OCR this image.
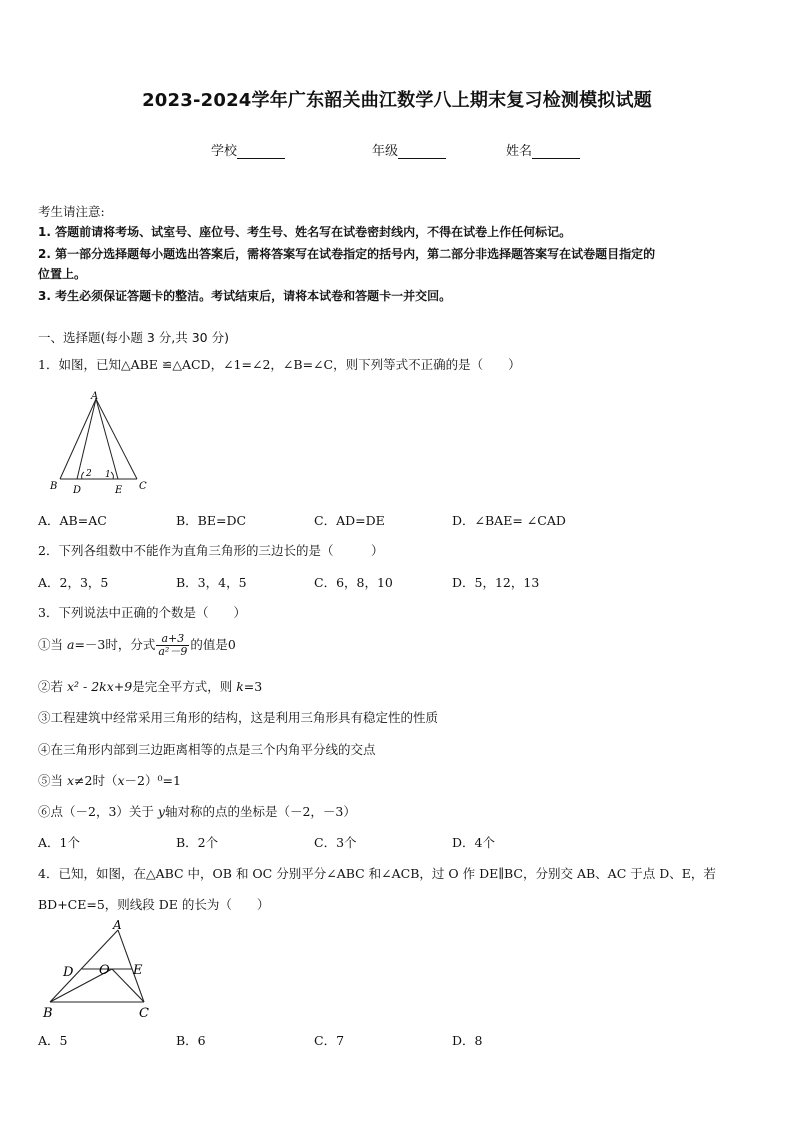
2023-2024学年广东韶关曲江数学八上期末复习检测模拟试题
学校	年级	姓名
考生请注意:
1. 答题前请将考场、试室号、座位号、考生号、姓名写在试卷密封线内，不得在试卷上作任何标记。
2. 第一部分选择题每小题选出答案后，需将答案写在试卷指定的括号内，第二部分非选择题答案写在试卷题目指定的
位置上。
3. 考生必须保证答题卡的整洁。考试结束后，请将本试卷和答题卡一并交回。
一、选择题(每小题 3 分,共 30 分)
1．如图，已知△ABE ≌△ACD，∠1=∠2，∠B=∠C，则下列等式不正确的是（　　）
A
B D	E C
2 1
A．AB=AC	B．BE=DC	C．AD=DE	D．∠BAE= ∠CAD
2．下列各组数中不能作为直角三角形的三边长的是（　　　）
A．2，3，5	B．3，4，5	C．6，8，10	D．5，12，13
3．下列说法中正确的个数是（　　）
①当 a=－3时，分式 $\frac{a+3}{\text{a²－9}}$ 的值是0
②若 x² - 2kx+9是完全平方式，则 k=3
③工程建筑中经常采用三角形的结构，这是利用三角形具有稳定性的性质
④在三角形内部到三边距离相等的点是三个内角平分线的交点
⑤当 x≠2时（x－2）⁰=1
⑥点（－2，3）关于 y轴对称的点的坐标是（－2，－3）
A．1个	B．2个	C．3个	D．4个
4．已知，如图，在△ABC 中，OB 和 OC 分别平分∠ABC 和∠ACB，过 O 作 DE∥BC，分别交 AB、AC 于点 D、E，若
BD+CE=5，则线段 DE 的长为（　　）
A
D O E
B	C
A．5	B．6	C．7	D．8
